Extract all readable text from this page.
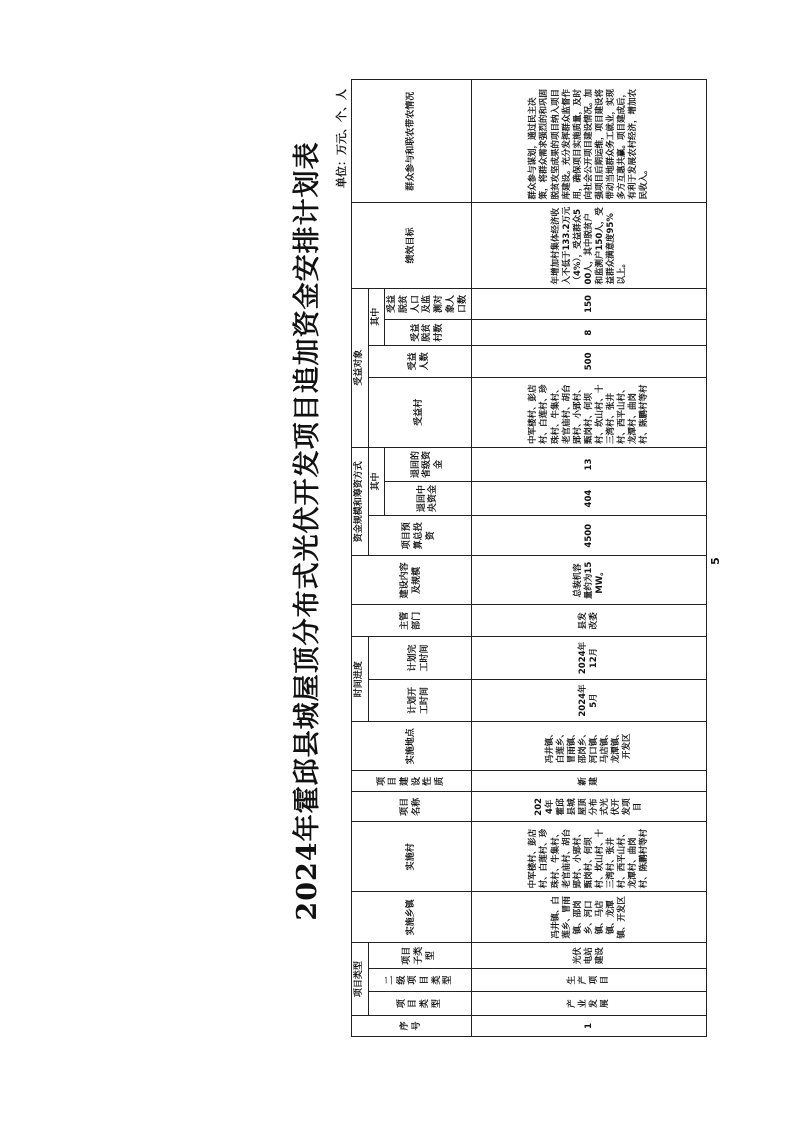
2024年霍邱县城屋顶分布式光伏开发项目追加资金安排计划表
单位：万元、个、人
序号	项目类型			实施乡镇	实施村	项目名称	项目建设性质	实施地点	时间进度		主管部门	建设内容及规模	资金规模和筹资方式			受益对象				绩效目标	群众参与和联农带农情况
	项目类型	二级项目类型	项目子类型						计划开工时间	计划完工时间			项目预算总投资	其中		受益村	受益人数	其中			
														退回中央资金	退回的省级资金			受益脱贫村数	受益脱贫人口及监测对象人口数		
1	产业发展	生产项目	光伏电站建设	冯井镇、白莲乡、冒雨镇、邵岗乡、河口镇、马店镇、龙潭镇、开发区	中军楼村、彭店村、白莲村、珍珠村、牛集村、老官庙村、胡台郢村、小郢村、甄岗村、何坝村、坎山村、十三湾村、张井村、西平山村、龙潭村、曲岗村、陈鹏村等村	2024年霍邱县城屋顶分布式光伏开发项目	新建	冯井镇、白莲乡、冒雨镇、邵岗乡、河口镇、马店镇、龙潭镇、开发区	2024年5月	2024年12月	县发改委	总装机容量约为15MW。	4500	404	13	中军楼村、彭店村、白莲村、珍珠村、牛集村、老官庙村、胡台郢村、小郢村、甄岗村、何坝村、坎山村、十三湾村、张井村、西平山村、龙潭村、曲岗村、陈鹏村等村	500	8	150	年增加村集体经济收入不低于133.2万元（4%），受益群众500人，其中脱贫户和监测户150人，受益群众满意度95%以上。	群众参与谋划，通过民主决策，将群众需求强烈的和巩固脱贫攻坚成果的项目纳入项目库建设。充分发挥群众监督作用，确保项目实施质量，及时向社会公开项目建设情况。加强项目后期运维，项目建设将带动当地群众务工就业，实现多方互惠共赢。项目建成后，有利于发展农村经济，增加农民收入。
5
